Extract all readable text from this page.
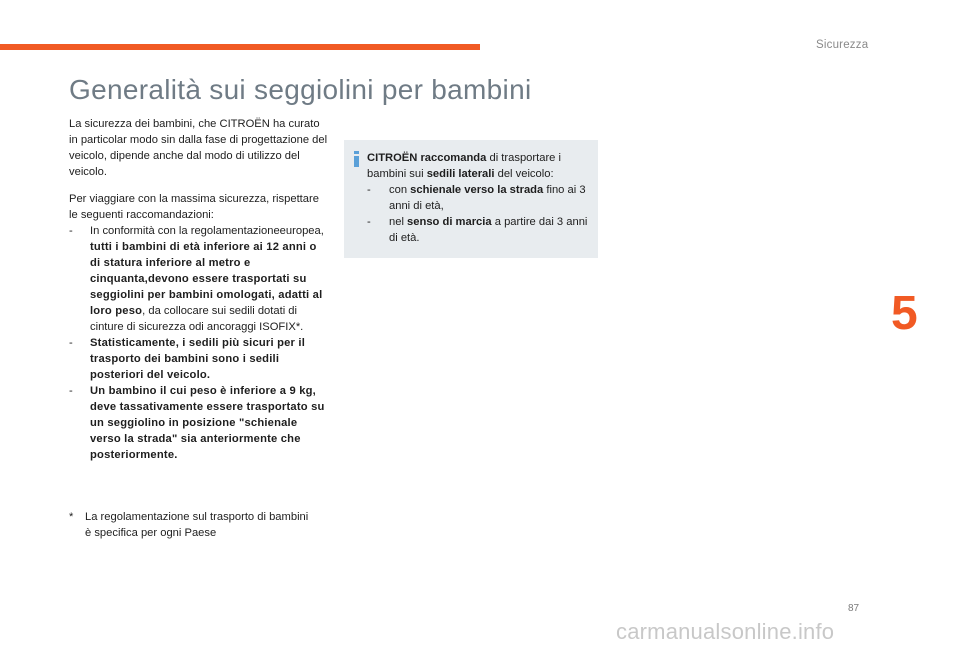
Sicurezza
Generalità sui seggiolini per bambini

La sicurezza dei bambini, che CITROËN ha curato in particolar modo sin dalla fase di progettazione del veicolo, dipende anche dal modo di utilizzo del veicolo.

Per viaggiare con la massima sicurezza, rispettare le seguenti raccomandazioni:

- In conformità con la regolamentazioneeuropea, tutti i bambini di età inferiore ai 12 anni o di statura inferiore al metro e cinquanta,devono essere trasportati su seggiolini per bambini omologati, adatti al loro peso, da collocare sui sedili dotati di cinture di sicurezza odi ancoraggi ISOFIX*.
- Statisticamente, i sedili più sicuri per il trasporto dei bambini sono i sedili posteriori del veicolo.
- Un bambino il cui peso è inferiore a 9 kg, deve tassativamente essere trasportato su un seggiolino in posizione "schienale verso la strada" sia anteriormente che posteriormente.
*	La regolamentazione sul trasporto di bambini è specifica per ogni Paese
CITROËN raccomanda di trasportare i bambini sui sedili laterali del veicolo:
- con schienale verso la strada fino ai 3 anni di età,
- nel senso di marcia a partire dai 3 anni di età.
5
87
carmanualsonline.info
